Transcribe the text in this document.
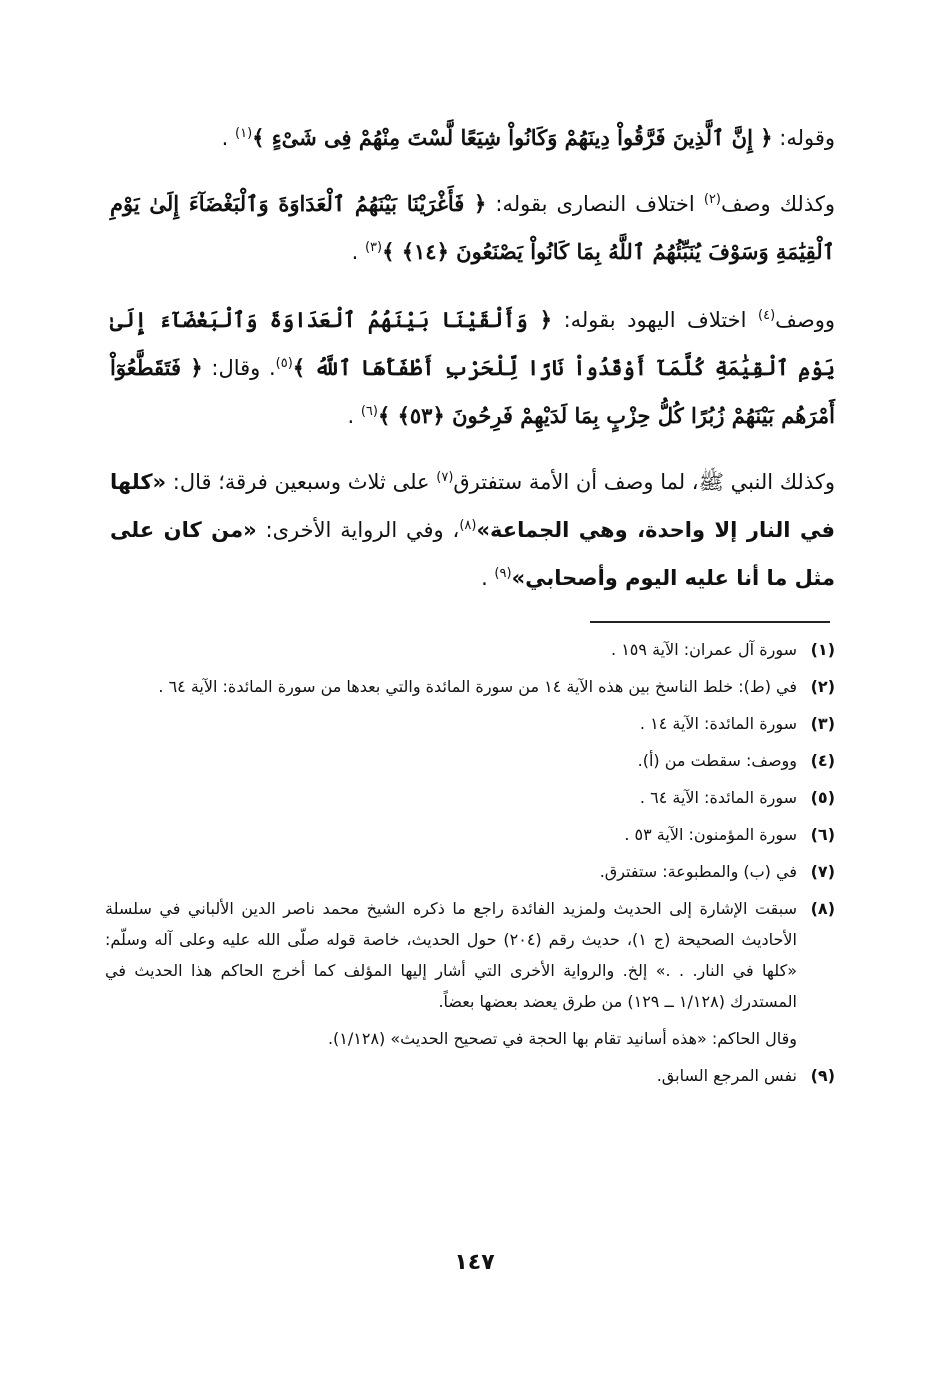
وقوله: ﴿ إِنَّ ٱلَّذِينَ فَرَّقُواْ دِينَهُمْ وَكَانُواْ شِيَعًا لَّسْتَ مِنْهُمْ فِى شَىْءٍ ﴾$^{(١)}$ .

وكذلك وصف$^{(٢)}$ اختلاف النصارى بقوله: ﴿ فَأَغْرَيْنَا بَيْنَهُمُ ٱلْعَدَاوَةَ وَٱلْبَغْضَآءَ إِلَىٰ يَوْمِ ٱلْقِيَٰمَةِ وَسَوْفَ يُنَبِّئُهُمُ ٱللَّهُ بِمَا كَانُواْ يَصْنَعُونَ ﴿١٤﴾ ﴾$^{(٣)}$ .

ووصف$^{(٤)}$ اختلاف اليهود بقوله: ﴿ وَأَلْقَيْنَا بَيْنَهُمُ ٱلْعَدَاوَةَ وَٱلْبَغْضَآءَ إِلَىٰ يَوْمِ ٱلْقِيَٰمَةِ كُلَّمَآ أَوْقَدُواْ نَارًا لِّلْحَرْبِ أَطْفَأَهَا ٱللَّهُ ﴾$^{(٥)}$. وقال: ﴿ فَتَقَطَّعُوٓاْ أَمْرَهُم بَيْنَهُمْ زُبُرًا كُلُّ حِزْبٍ بِمَا لَدَيْهِمْ فَرِحُونَ ﴿٥٣﴾ ﴾$^{(٦)}$ .

وكذلك النبي ﷺ، لما وصف أن الأمة ستفترق$^{(٧)}$ على ثلاث وسبعين فرقة؛ قال: «كلها في النار إلا واحدة، وهي الجماعة»$^{(٨)}$، وفي الرواية الأخرى: «من كان على مثل ما أنا عليه اليوم وأصحابي»$^{(٩)}$ .

(١)
سورة آل عمران: الآية ١٥٩ .
(٢)
في (ط): خلط الناسخ بين هذه الآية ١٤ من سورة المائدة والتي بعدها من سورة المائدة: الآية ٦٤ .
(٣)
سورة المائدة: الآية ١٤ .
(٤)
ووصف: سقطت من (أ).
(٥)
سورة المائدة: الآية ٦٤ .
(٦)
سورة المؤمنون: الآية ٥٣ .
(٧)
في (ب) والمطبوعة: ستفترق.
(٨)
سبقت الإشارة إلى الحديث ولمزيد الفائدة راجع ما ذكره الشيخ محمد ناصر الدين الألباني في سلسلة الأحاديث الصحيحة (ج ١)، حديث رقم (٢٠٤) حول الحديث، خاصة قوله صلّى الله عليه وعلى آله وسلّم: «كلها في النار. . .» إلخ. والرواية الأخرى التي أشار إليها المؤلف كما أخرج الحاكم هذا الحديث في المستدرك (١/١٢٨ ــ ١٢٩) من طرق يعضد بعضها بعضاً.
وقال الحاكم: «هذه أسانيد تقام بها الحجة في تصحيح الحديث» (١/١٢٨).
(٩)
نفس المرجع السابق.
١٤٧
